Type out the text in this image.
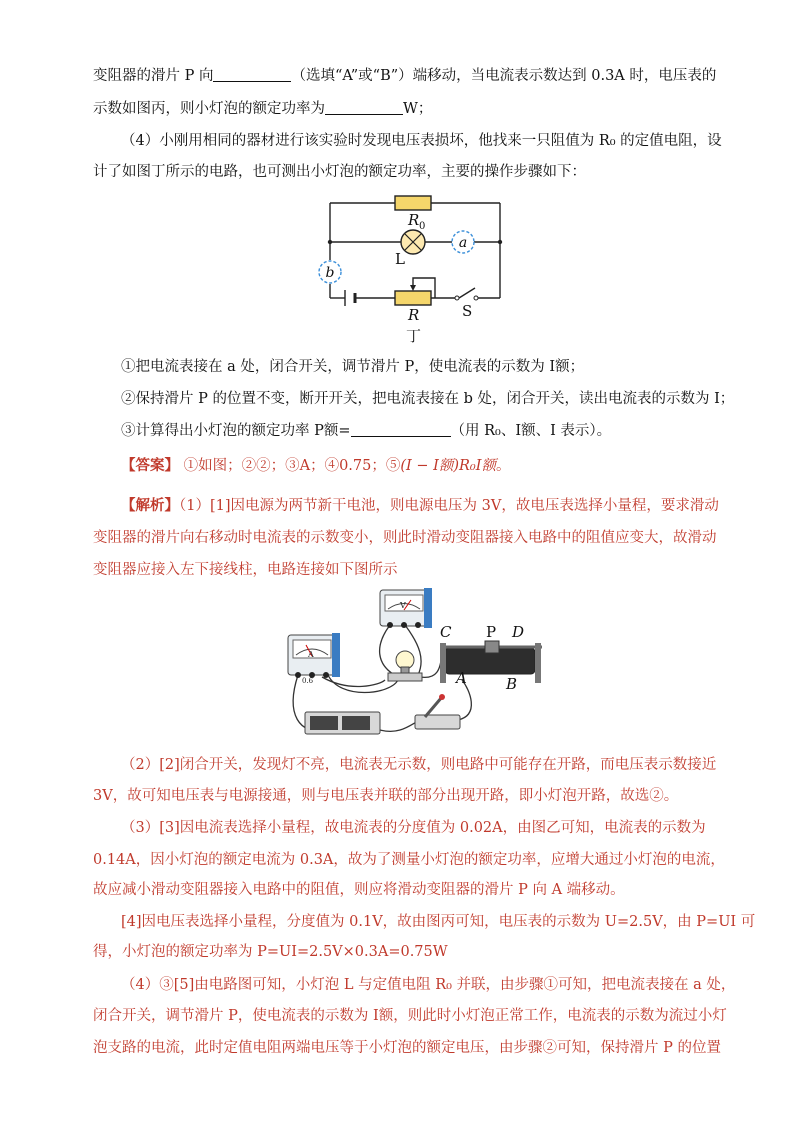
变阻器的滑片 P 向	（选填“A”或“B”）端移动，当电流表示数达到 0.3A 时，电压表的
示数如图丙，则小灯泡的额定功率为	W；
（4）小刚用相同的器材进行该实验时发现电压表损坏，他找来一只阻值为 R₀ 的定值电阻，设
计了如图丁所示的电路，也可测出小灯泡的额定功率，主要的操作步骤如下：
a
b
R 0
L
R	S
丁
①把电流表接在 a 处，闭合开关，调节滑片 P，使电流表的示数为 I额；
②保持滑片 P 的位置不变，断开开关，把电流表接在 b 处，闭合开关，读出电流表的示数为 I；
③计算得出小灯泡的额定功率 P额=	（用 R₀、I额、I 表示）。
【答案】 ①如图；②②；③A；④0.75；⑤(I − I额)R₀I额。
【解析】（1）[1]因电源为两节新干电池，则电源电压为 3V，故电压表选择小量程，要求滑动
变阻器的滑片向右移动时电流表的示数变小，则此时滑动变阻器接入电路中的阻值应变大，故滑动
变阻器应接入左下接线柱，电路连接如下图所示
A
0.6
V
C P D
A	B
（2）[2]闭合开关，发现灯不亮，电流表无示数，则电路中可能存在开路，而电压表示数接近
3V，故可知电压表与电源接通，则与电压表并联的部分出现开路，即小灯泡开路，故选②。
（3）[3]因电流表选择小量程，故电流表的分度值为 0.02A，由图乙可知，电流表的示数为
0.14A，因小灯泡的额定电流为 0.3A，故为了测量小灯泡的额定功率，应增大通过小灯泡的电流，
故应减小滑动变阻器接入电路中的阻值，则应将滑动变阻器的滑片 P 向 A 端移动。
[4]因电压表选择小量程，分度值为 0.1V，故由图丙可知，电压表的示数为 U=2.5V，由 P=UI 可
得，小灯泡的额定功率为 P=UI=2.5V×0.3A=0.75W
（4）③[5]由电路图可知，小灯泡 L 与定值电阻 R₀ 并联，由步骤①可知，把电流表接在 a 处，
闭合开关，调节滑片 P，使电流表的示数为 I额，则此时小灯泡正常工作，电流表的示数为流过小灯
泡支路的电流，此时定值电阻两端电压等于小灯泡的额定电压，由步骤②可知，保持滑片 P 的位置
